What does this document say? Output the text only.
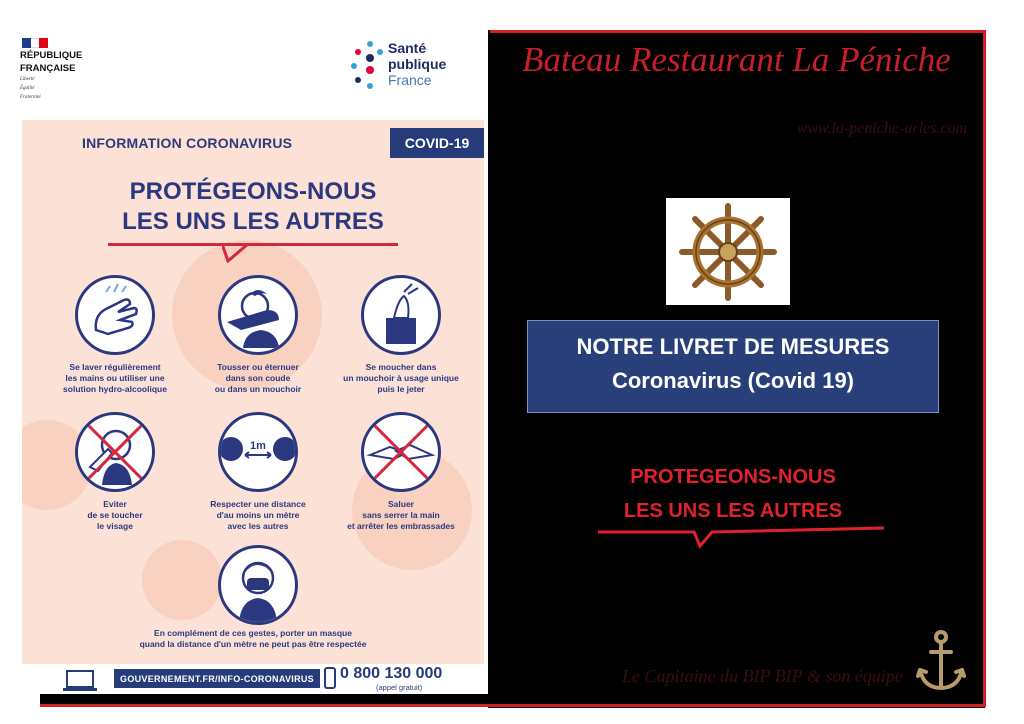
RÉPUBLIQUE
FRANÇAISE
Liberté
Égalité
Fraternité
Santé
publique
France
INFORMATION CORONAVIRUS	COVID-19
PROTÉGEONS-NOUS
LES UNS LES AUTRES
Se laver régulièrement
les mains ou utiliser une
solution hydro-alcoolique
Tousser ou éternuer
dans son coude
ou dans un mouchoir
Se moucher dans
un mouchoir à usage unique
puis le jeter
Eviter
de se toucher
le visage
1m
Respecter une distance
d'au moins un mètre
avec les autres
Saluer
sans serrer la main
et arrêter les embrassades
En complément de ces gestes, porter un masque
quand la distance d'un mètre ne peut pas être respectée
GOUVERNEMENT.FR/INFO-CORONAVIRUS	0 800 130 000
(appel gratuit)
Bateau Restaurant La Péniche
www.la-peniche-arles.com
NOTRE LIVRET DE MESURES
Coronavirus (Covid 19)
PROTEGEONS-NOUS
LES UNS LES AUTRES
Le Capitaine du BIP BIP & son équipe
